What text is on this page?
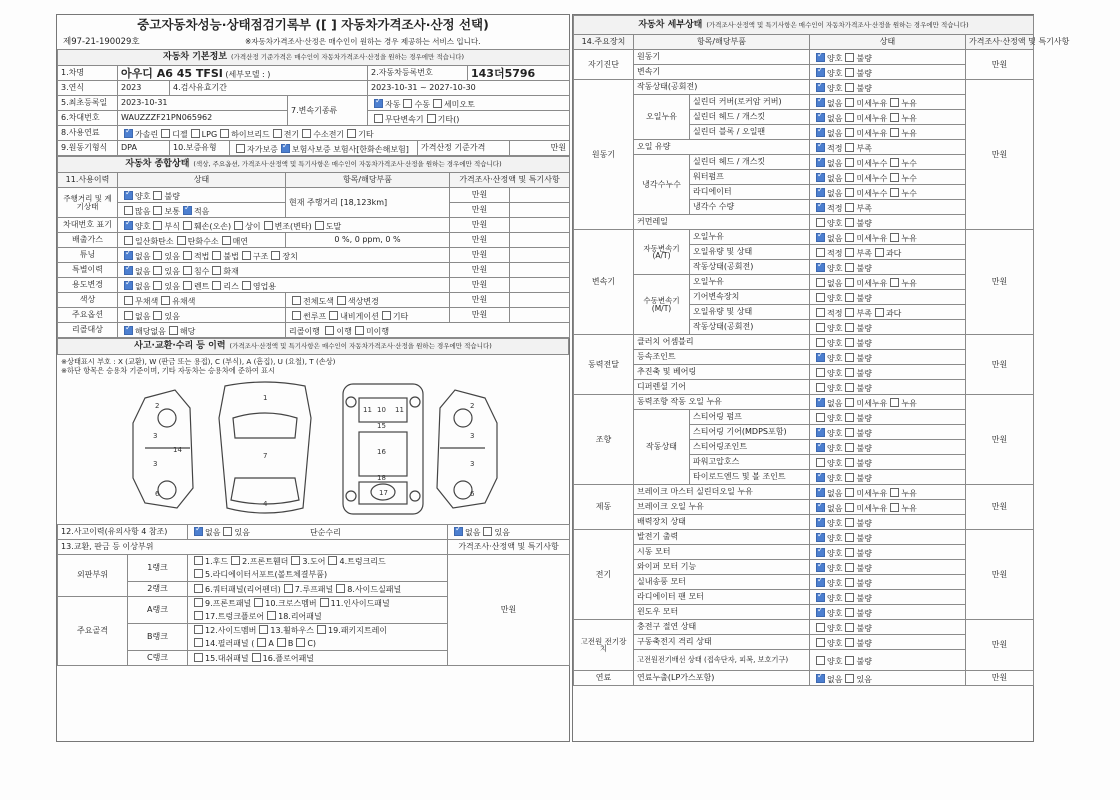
중고자동차성능·상태점검기록부 ([ ] 자동차가격조사·산정 선택)
제97-21-190029호	※자동차가격조사·산정은 매수인이 원하는 경우 제공하는 서비스 입니다.
자동차 기본정보 (가격산정 기준가격은 매수인이 자동차가격조사·산정을 원하는 경우에만 적습니다)								
1.차명	아우디 A6 45 TFSI (세부모델 : )				2.자동차등록번호		143더5796	
3.연식	2023	4.검사유효기간			2023-10-31 ~ 2027-10-30			
5.최초등록일	2023-10-31			7.변속기종류	✓자동 수동 세미오토
6.차대번호	WAUZZZF21PN065962				무단변속기 기타()			
8.사용연료	✓가솔린 디젤 LPG 하이브리드 전기 수소전기 기타
9.원동기형식	DPA	10.보증유형	자가보증 ✓ 보험사보증 보험사[한화손해보험]			가격산정 기준가격		만원
자동차 종합상태 (색상, 주요옵션, 가격조사·산정액 및 특기사항은 매수인이 자동차가격조사·산정을 원하는 경우에만 적습니다)				
11.사용이력	상태	항목/해당부품	가격조사·산정액 및 특기사항	
주행거리 및 계기상태	✓양호 불량	현재 주행거리 [18,123km]	만원	
	많음 보통 ✓ 적음		만원	
차대번호 표기	✓양호 부식 훼손(오손) 상이 변조(변타) 도말		만원	
배출가스	일산화탄소 탄화수소 매연	0 %, 0 ppm, 0 %	만원	
튜닝	✓없음 있음 적법 불법 구조 장치		만원	
특별이력	✓없음 있음 침수 화재		만원	
용도변경	✓없음 있음 렌트 리스 영업용		만원	
색상	무채색 유채색	전체도색 색상변경	만원	
주요옵션	없음 있음	썬루프 내비게이션 기타	만원	
리콜대상	✓해당없음 해당	리콜이행 이행 미이행		
사고·교환·수리 등 이력 (가격조사·산정액 및 특기사항은 매수인이 자동차가격조사·산정을 원하는 경우에만 적습니다)
※상태표시 부호 : X (교환), W (판금 또는 용접), C (부식), A (흠집), U (요철), T (손상)
※하단 항목은 승용차 기준이며, 기타 자동차는 승용차에 준하여 표시
2
3
3
14
6
1
7
4
11 10 11
15
16
18
17
2
3
3
6
12.사고이력(유의사항 4 참조)	✓없음 있음 단순수리	✓없음 있음
13.교환, 판금 등 이상부위			가격조사·산정액 및 특기사항
외판부위	1랭크	1.후드 2.프론트휀더 3.도어 4.트렁크리드
5.라디에이터서포트(볼트체결부품)	만원
	2랭크	6.쿼터패널(리어펜더) 7.루프패널 8.사이드실패널	
주요골격	A랭크	9.프론트패널 10.크로스멤버 11.인사이드패널
17.트렁크플로어 18.리어패널	
	B랭크	12.사이드멤버 13.휠하우스 19.패키지트레이
14.필러패널 ( A B C)	
	C랭크	15.대쉬패널 16.플로어패널	
자동차 세부상태 (가격조사·산정액 및 특기사항은 매수인이 자동차가격조사·산정을 원하는 경우에만 적습니다)				
14.주요장치	항목/해당부품		상태	가격조사·산정액 및 특기사항
자기진단	원동기	✓양호 불량	만원
	변속기	✓양호 불량
원동기	작동상태(공회전)	✓양호 불량	만원
	오일누유	실린더 커버(로커암 커버)	✓없음 미세누유 누유
		실린더 헤드 / 개스킷	✓없음 미세누유 누유
		실린더 블록 / 오일팬	✓없음 미세누유 누유
	오일 유량	✓적정 부족
	냉각수누수	실린더 헤드 / 개스킷	✓없음 미세누수 누수
		워터펌프	✓없음 미세누수 누수
		라디에이터	✓없음 미세누수 누수
		냉각수 수량	✓적정 부족
	커먼레일		양호 불량	
변속기	자동변속기(A/T)	오일누유	✓없음 미세누유 누유	만원
		오일유량 및 상태	적정 부족 과다	
		작동상태(공회전)	✓양호 불량
	수동변속기(M/T)	오일누유	없음 미세누유 누유	
		기어변속장치	양호 불량	
		오일유량 및 상태	적정 부족 과다	
		작동상태(공회전)	양호 불량	
동력전달	클러치 어셈블리		양호 불량	만원
	등속조인트	✓양호 불량
	추진축 및 베어링		양호 불량	
	디퍼렌셜 기어		양호 불량	
조향	동력조향 작동 오일 누유	✓없음 미세누유 누유	만원
	작동상태	스티어링 펌프	양호 불량	
		스티어링 기어(MDPS포함)	✓양호 불량
		스티어링조인트	✓양호 불량
		파워고압호스	양호 불량	
		타이로드엔드 및 볼 조인트	✓양호 불량
제동	브레이크 마스터 실린더오일 누유	✓없음 미세누유 누유	만원
	브레이크 오일 누유	✓없음 미세누유 누유
	배력장치 상태	✓양호 불량
전기	발전기 출력	✓양호 불량	만원
	시동 모터	✓양호 불량
	와이퍼 모터 기능	✓양호 불량
	실내송풍 모터	✓양호 불량
	라디에이터 팬 모터	✓양호 불량
	윈도우 모터	✓양호 불량
고전원 전기장치	충전구 절연 상태		양호 불량	만원
	구동축전지 격리 상태		양호 불량	
	고전원전기배선 상태 (접속단자, 피복, 보호기구)		양호 불량	
연료	연료누출(LP가스포함)	✓없음 있음	만원
